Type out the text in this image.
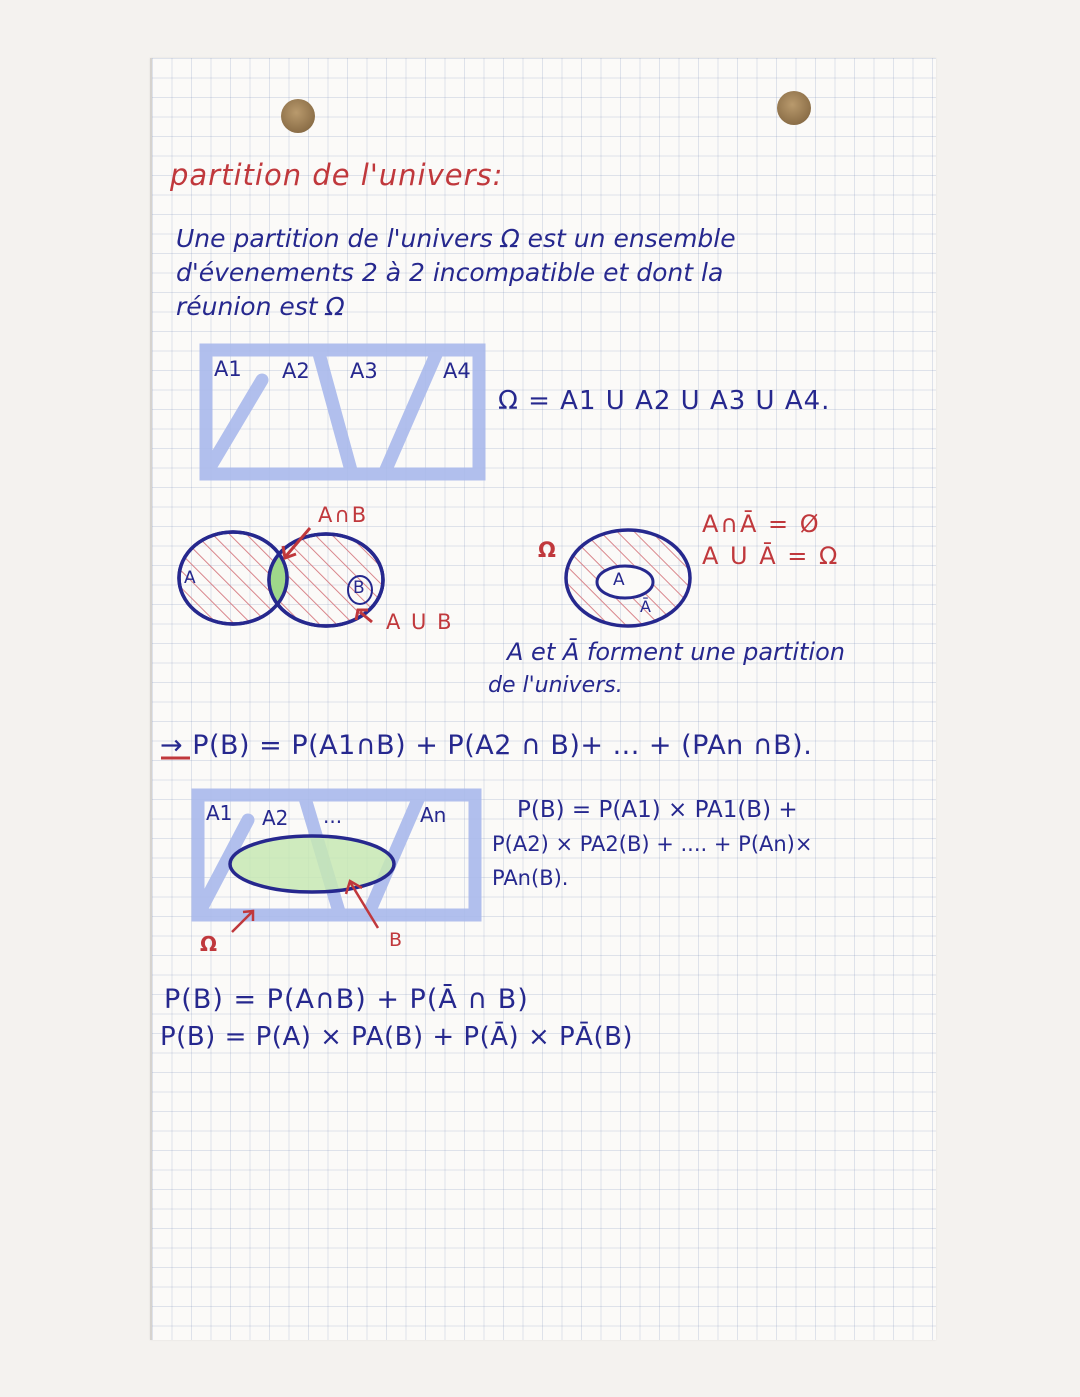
partition de l'univers:
Une partition de l'univers Ω est un ensemble
d'évenements 2 à 2 incompatible et dont la
réunion est Ω
A1 A2 A3	A4
Ω = A1 U A2 U A3 U A4.
A∩B
A	B
A U B
Ω
A
Ā
A∩Ā = Ø
A U Ā = Ω
A et Ā forment une partition
de l'univers.
→ P(B) = P(A1∩B) + P(A2 ∩ B)+ ... + (PAn ∩B).
A1 A2 ...	An
Ω	B
P(B) = P(A1) × PA1(B) +
P(A2) × PA2(B) + .... + P(An)×
PAn(B).
P(B) = P(A∩B) + P(Ā ∩ B)
P(B) = P(A) × PA(B) + P(Ā) × PĀ(B)
